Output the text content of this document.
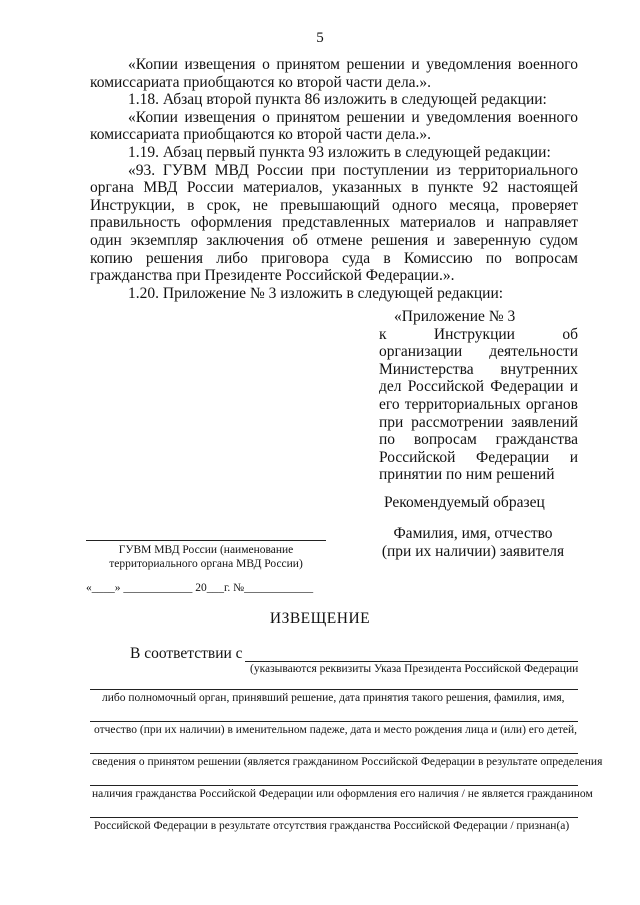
5

«Копии извещения о принятом решении и уведомления военного комиссариата приобщаются ко второй части дела.».

1.18. Абзац второй пункта 86 изложить в следующей редакции:

«Копии извещения о принятом решении и уведомления военного комиссариата приобщаются ко второй части дела.».

1.19. Абзац первый пункта 93 изложить в следующей редакции:

«93. ГУВМ МВД России при поступлении из территориального органа МВД России материалов, указанных в пункте 92 настоящей Инструкции, в срок, не превышающий одного месяца, проверяет правильность оформления представленных материалов и направляет один экземпляр заключения об отмене решения и заверенную судом копию решения либо приговора суда в Комиссию по вопросам гражданства при Президенте Российской Федерации.».

1.20. Приложение № 3 изложить в следующей редакции:

«Приложение № 3
к Инструкции об организации деятельности Министерства внутренних дел Российской Федерации и его территориальных органов при рассмотрении заявлений по вопросам гражданства Российской Федерации и принятии по ним решений
Рекомендуемый образец
Фамилия, имя, отчество
(при их наличии) заявителя
ГУВМ МВД России (наименование территориального органа МВД России)
«____» ____________ 20___г. №____________
ИЗВЕЩЕНИЕ
В соответствии с
(указываются реквизиты Указа Президента Российской Федерации
либо полномочный орган, принявший решение, дата принятия такого решения, фамилия, имя,
отчество (при их наличии) в именительном падеже, дата и место рождения лица и (или) его детей,
сведения о принятом решении (является гражданином Российской Федерации в результате определения
наличия гражданства Российской Федерации или оформления его наличия / не является гражданином
Российской Федерации в результате отсутствия гражданства Российской Федерации / признан(а)
